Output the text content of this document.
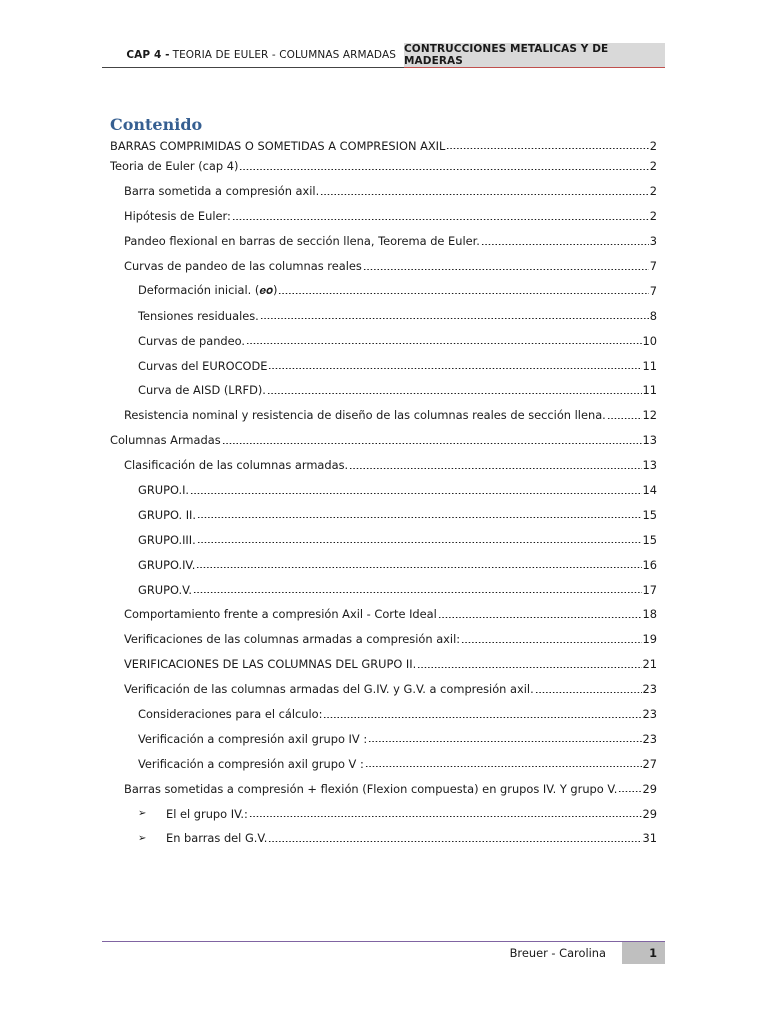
CAP 4 - TEORIA DE EULER - COLUMNAS ARMADAS CONTRUCCIONES METALICAS Y DE MADERAS
Contenido
BARRAS COMPRIMIDAS O SOMETIDAS A COMPRESION AXIL	2
Teoria de Euler (cap 4)	2
Barra sometida a compresión axil.	2
Hipótesis de Euler:	2
Pandeo flexional en barras de sección llena, Teorema de Euler.	3
Curvas de pandeo de las columnas reales	7
Deformación inicial. (𝒆𝒐)	7
Tensiones residuales.	8
Curvas de pandeo.	10
Curvas del EUROCODE	11
Curva de AISD (LRFD).	11
Resistencia nominal y resistencia de diseño de las columnas reales de sección llena.	12
Columnas Armadas	13
Clasificación de las columnas armadas.	13
GRUPO.I.	14
GRUPO. II.	15
GRUPO.III.	15
GRUPO.IV.	16
GRUPO.V.	17
Comportamiento frente a compresión Axil - Corte Ideal	18
Verificaciones de las columnas armadas a compresión axil:	19
VERIFICACIONES DE LAS COLUMNAS DEL GRUPO II.	21
Verificación de las columnas armadas del G.IV. y G.V. a compresión axil.	23
Consideraciones para el cálculo:	23
Verificación a compresión axil grupo IV :	23
Verificación a compresión axil grupo V :	27
Barras sometidas a compresión + flexión (Flexion compuesta) en grupos IV. Y grupo V. 29
➢	El el grupo IV.:	29
➢	En barras del G.V.	31
Breuer - Carolina	1
